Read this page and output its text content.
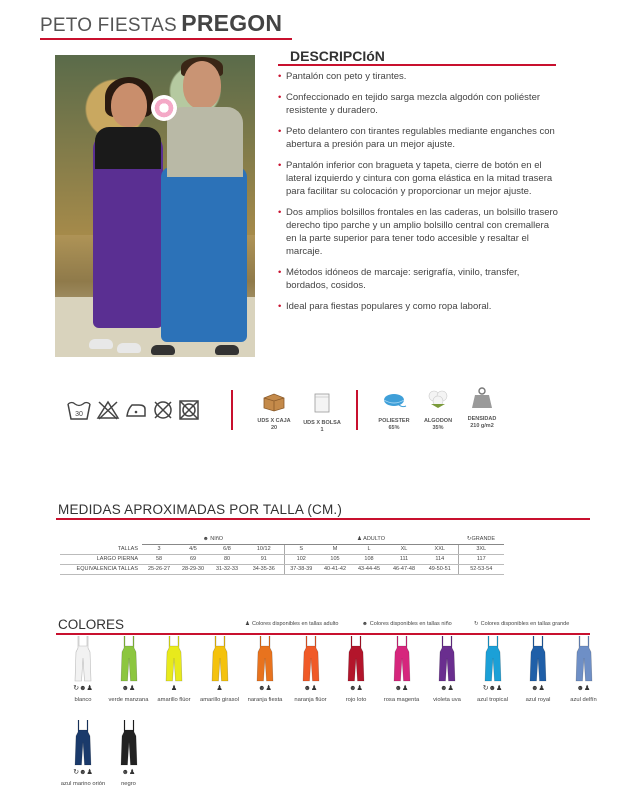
PETO FIESTAS PREGON
DESCRIPCIóN
• Pantalón con peto y tirantes.
• Confeccionado en tejido sarga mezcla algodón con poliéster resistente y duradero.
• Peto delantero con tirantes regulables mediante enganches con abertura a presión para un mejor ajuste.
• Pantalón inferior con bragueta y tapeta, cierre de botón en el lateral izquierdo y cintura con goma elástica en la mitad trasera para facilitar su colocación y proporcionar un mejor ajuste.
• Dos amplios bolsillos frontales en las caderas, un bolsillo trasero derecho tipo parche y un amplio bolsillo central con cremallera en la parte superior para tener todo accesible y resaltar el marcaje.
• Métodos idóneos de marcaje: serigrafía, vinilo, transfer, bordados, cosidos.
• Ideal para fiestas populares y como ropa laboral.
30
UDS X CAJA
20
UDS X BOLSA
1
POLIESTER
65%
ALGODON
35%
DENSIDAD
210 g/m2
MEDIDAS APROXIMADAS POR TALLA (CM.)
	☻ NIñO				♟ ADULTO					↻GRANDE
TALLAS	3	4/5	6/8	10/12	S	M	L	XL	XXL	3XL
LARGO PIERNA	58	69	80	91	102	105	108	111	114	117
EQUIVALENCIA TALLAS	25-26-27	28-29-30	31-32-33	34-35-36	37-38-39	40-41-42	43-44-45	46-47-48	49-50-51	52-53-54
COLORES	♟ Colores disponibles en tallas adulto	☻ Colores disponibles en tallas niño	↻ Colores disponibles en tallas grande
↻☻♟
blanco
☻♟
verde manzana
♟
amarillo flúor
♟
amarillo girasol
☻♟
naranja fiesta
☻♟
naranja flúor
☻♟
rojo loto
☻♟
rosa magenta
☻♟
violeta uva
↻☻♟
azul tropical
☻♟
azul royal
☻♟
azul delfín
↻☻♟
azul marino orión
☻♟
negro
